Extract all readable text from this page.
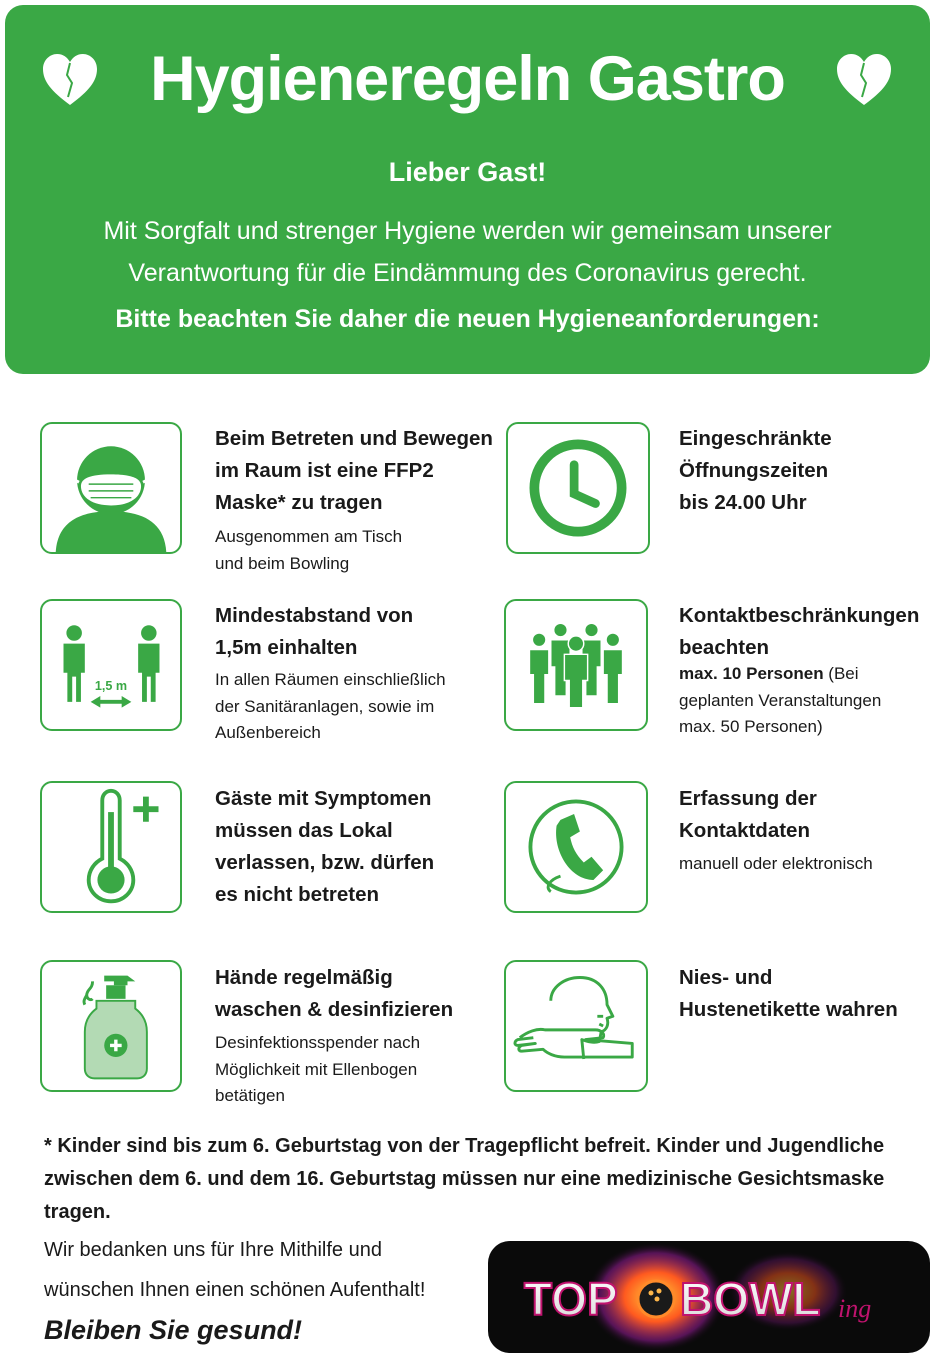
Hygieneregeln Gastro
Lieber Gast!
Mit Sorgfalt und strenger Hygiene werden wir gemeinsam unserer
Verantwortung für die Eindämmung des Coronavirus gerecht.
Bitte beachten Sie daher die neuen Hygieneanforderungen:
Beim Betreten und Bewegen
im Raum ist eine FFP2
Maske* zu tragen
Ausgenommen am Tisch
und beim Bowling
Eingeschränkte
Öffnungszeiten
bis 24.00 Uhr
1,5 m
Mindestabstand von
1,5m einhalten
In allen Räumen einschließlich
der Sanitäranlagen, sowie im
Außenbereich
Kontaktbeschränkungen
beachten
max. 10 Personen (Bei
geplanten Veranstaltungen
max. 50 Personen)
Gäste mit Symptomen
müssen das Lokal
verlassen, bzw. dürfen
es nicht betreten
Erfassung der
Kontaktdaten
manuell oder elektronisch
Hände regelmäßig
waschen & desinfizieren
Desinfektionsspender nach
Möglichkeit mit Ellenbogen
betätigen
Nies- und
Hustenetikette wahren
* Kinder sind bis zum 6. Geburtstag von der Tragepflicht befreit. Kinder und Jugendliche
zwischen dem 6. und dem 16. Geburtstag müssen nur eine medizinische Gesichtsmaske tragen.
Wir bedanken uns für Ihre Mithilfe und
wünschen Ihnen einen schönen Aufenthalt!
Bleiben Sie gesund!
TOP BOWL ing
